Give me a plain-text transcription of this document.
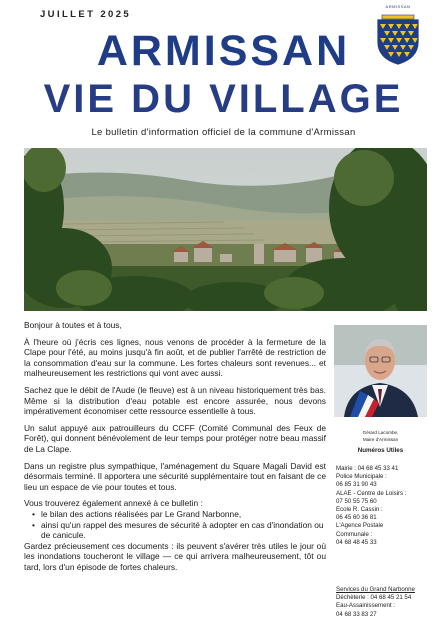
JUILLET 2025
ARMISSAN
ARMISSAN
VIE DU VILLAGE
Le bulletin d'information officiel de la commune d'Armissan

Bonjour à toutes et à tous,

À l'heure où j'écris ces lignes, nous venons de procéder à la fermeture de la Clape pour l'été, au moins jusqu'à fin août, et de publier l'arrêté de restriction de la consommation d'eau sur la commune. Les fortes chaleurs sont revenues... et malheureusement les restrictions qui vont avec aussi.

Sachez que le débit de l'Aude (le fleuve) est à un niveau historiquement très bas. Même si la distribution d'eau potable est encore assurée, nous devons impérativement économiser cette ressource essentielle à tous.

Un salut appuyé aux patrouilleurs du CCFF (Comité Communal des Feux de Forêt), qui donnent bénévolement de leur temps pour protéger notre beau massif de La Clape.

Dans un registre plus sympathique, l'aménagement du Square Magali David est désormais terminé. Il apportera une sécurité supplémentaire tout en faisant de ce lieu un espace de vie pour toutes et tous.

Vous trouverez également annexé à ce bulletin :

• le bilan des actions réalisées par Le Grand Narbonne,
• ainsi qu'un rappel des mesures de sécurité à adopter en cas d'inondation ou de canicule.

Gardez précieusement ces documents : ils peuvent s'avérer très utiles le jour où les inondations toucheront le village — ce qui arrivera malheureusement, tôt ou tard, lors d'un épisode de fortes chaleurs.

Gérard Lacombe,
Maire d'Armissan
Numéros Utiles
Mairie : 04 68 45 33 41
Police Municipale :
06 85 31 90 43
ALAE - Centre de Loisirs :
07 50 55 75 60
Ecole R. Cassin :
06 45 60 36 81
L'Agence Postale
Communale :
04 68 48 45 33
Services du Grand Narbonne
Déchèterie : 04 68 45 21 54
Eau-Assainissement :
04 68 33 83 27
